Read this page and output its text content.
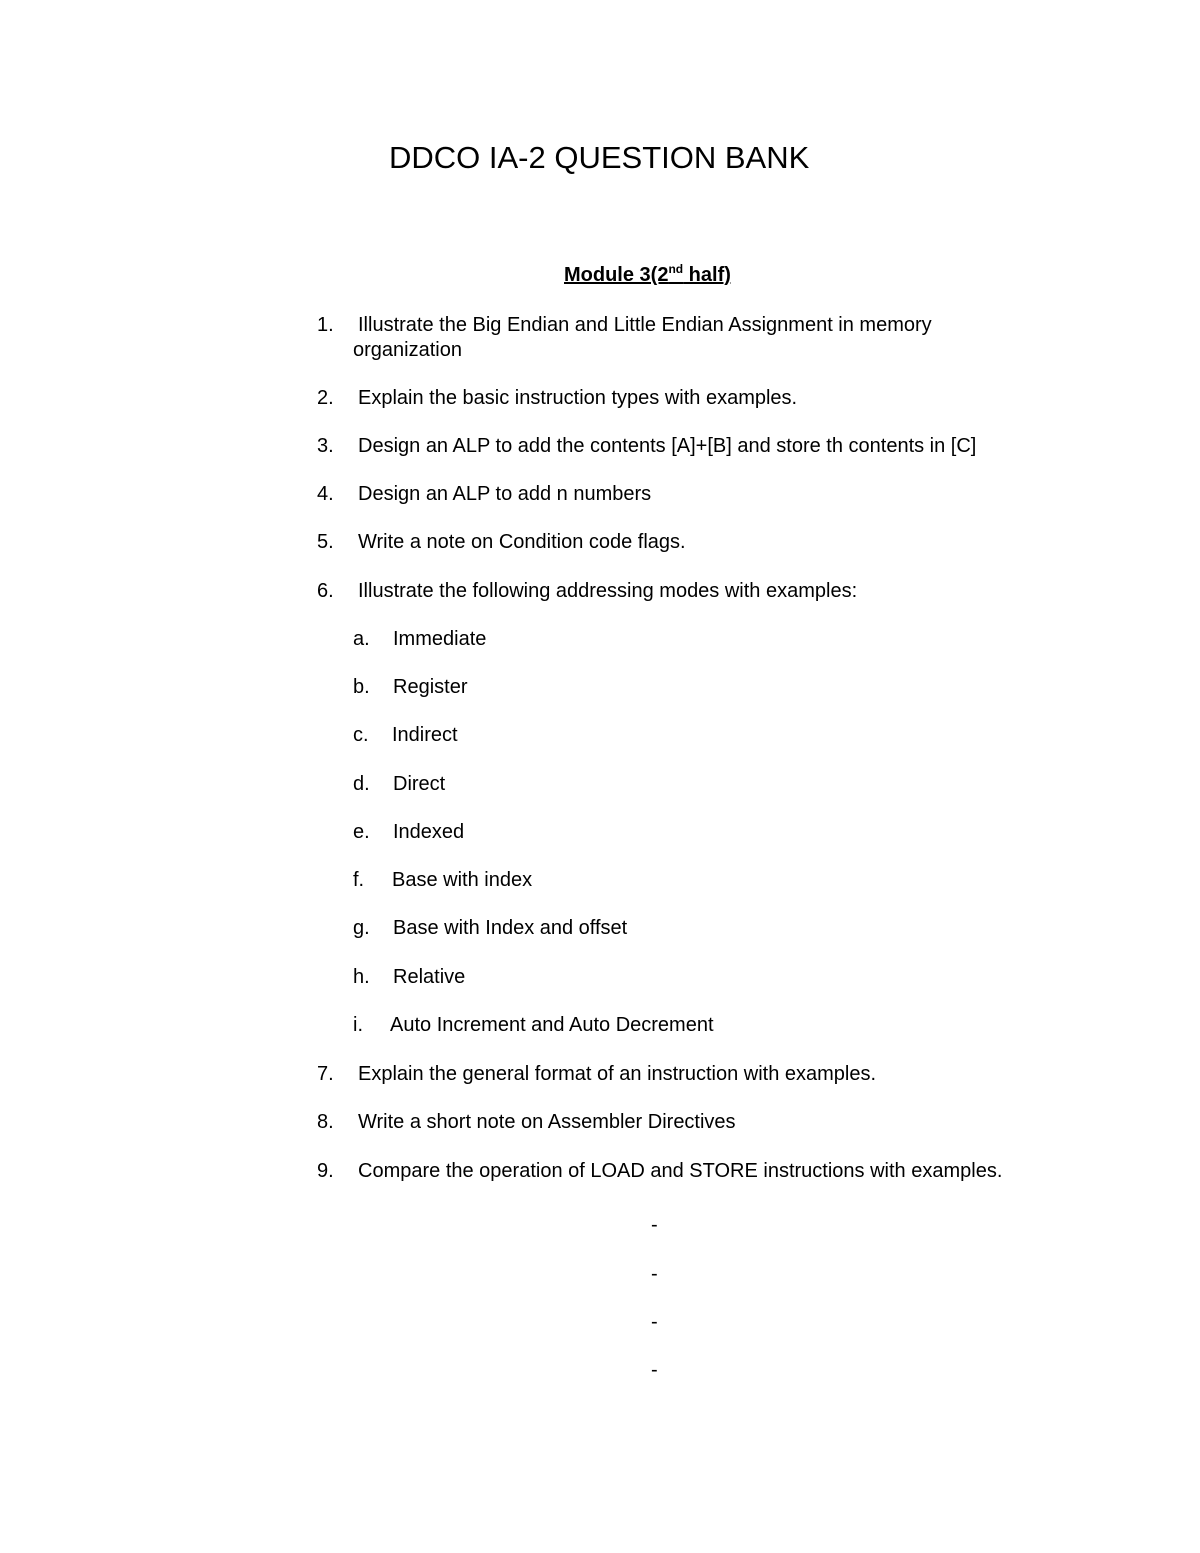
DDCO IA-2 QUESTION BANK
Module 3(2nd half)
1. Illustrate the Big Endian and Little Endian Assignment in memory
organization
2. Explain the basic instruction types with examples.
3. Design an ALP to add the contents [A]+[B] and store th contents in [C]
4. Design an ALP to add n numbers
5. Write a note on Condition code flags.
6. Illustrate the following addressing modes with examples:
a. Immediate
b. Register
c. Indirect
d. Direct
e. Indexed
f. Base with index
g. Base with Index and offset
h. Relative
i. Auto Increment and Auto Decrement
7. Explain the general format of an instruction with examples.
8. Write a short note on Assembler Directives
9. Compare the operation of LOAD and STORE instructions with examples.
-
-
-
-
